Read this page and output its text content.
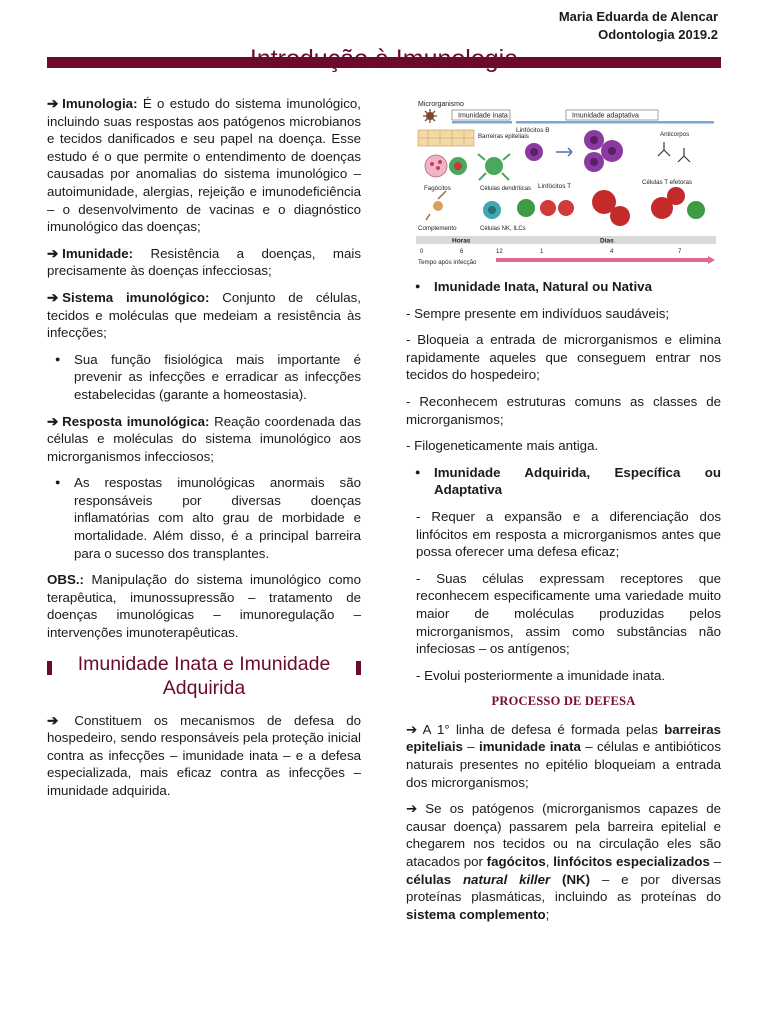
Maria Eduarda de Alencar
Odontologia 2019.2
Introdução à Imunologia

➔ Imunologia: É o estudo do sistema imunológico, incluindo suas respostas aos patógenos microbianos e tecidos danificados e seu papel na doença. Esse estudo é o que permite o entendimento de doenças causadas por anomalias do sistema imunológico – autoimunidade, alergias, rejeição e imunodeficiência – o desenvolvimento de vacinas e o diagnóstico imunológico das doenças;

➔ Imunidade: Resistência a doenças, mais precisamente às doenças infecciosas;

➔ Sistema imunológico: Conjunto de células, tecidos e moléculas que medeiam a resistência às infecções;

● Sua função fisiológica mais importante é prevenir as infecções e erradicar as infecções estabelecidas (garante a homeostasia).

➔ Resposta imunológica: Reação coordenada das células e moléculas do sistema imunológico aos microrganismos infecciosos;

● As respostas imunológicas anormais são responsáveis por diversas doenças inflamatórias com alto grau de morbidade e mortalidade. Além disso, é a principal barreira para o sucesso dos transplantes.

OBS.: Manipulação do sistema imunológico como terapêutica, imunossupressão – tratamento de doenças imunológicas – imunoregulação – intervenções imunoterapêuticas.

Imunidade Inata e Imunidade Adquirida

➔ Constituem os mecanismos de defesa do hospedeiro, sendo responsáveis pela proteção inicial contra as infecções – imunidade inata – e a defesa especializada, mais eficaz contra as infecções – imunidade adquirida.

Microrganismo
Imunidade inata	Imunidade adaptativa
Barreiras epiteliais
Fagócitos	Células dendríticas
Complemento	Células NK, ILCs
Linfócitos B
Anticorpos
Linfócitos T
Células T efetoras
Horas	Dias
0	6	12	1	4	7
Tempo após infecção
● Imunidade Inata, Natural ou Nativa

- Sempre presente em indivíduos saudáveis;

- Bloqueia a entrada de microrganismos e elimina rapidamente aqueles que conseguem entrar nos tecidos do hospedeiro;

- Reconhecem estruturas comuns as classes de microrganismos;

- Filogeneticamente mais antiga.

● Imunidade Adquirida, Específica ou Adaptativa

- Requer a expansão e a diferenciação dos linfócitos em resposta a microrganismos antes que possa oferecer uma defesa eficaz;

- Suas células expressam receptores que reconhecem especificamente uma variedade muito maior de moléculas produzidas pelos microrganismos, assim como substâncias não infeciosas – os antígenos;

- Evolui posteriormente a imunidade inata.

PROCESSO DE DEFESA

➔ A 1° linha de defesa é formada pelas barreiras epiteliais – imunidade inata – células e antibióticos naturais presentes no epitélio bloqueiam a entrada dos microrganismos;

➔ Se os patógenos (microrganismos capazes de causar doença) passarem pela barreira epitelial e chegarem nos tecidos ou na circulação eles são atacados por fagócitos, linfócitos especializados – células natural killer (NK) – e por diversas proteínas plasmáticas, incluindo as proteínas do sistema complemento;
